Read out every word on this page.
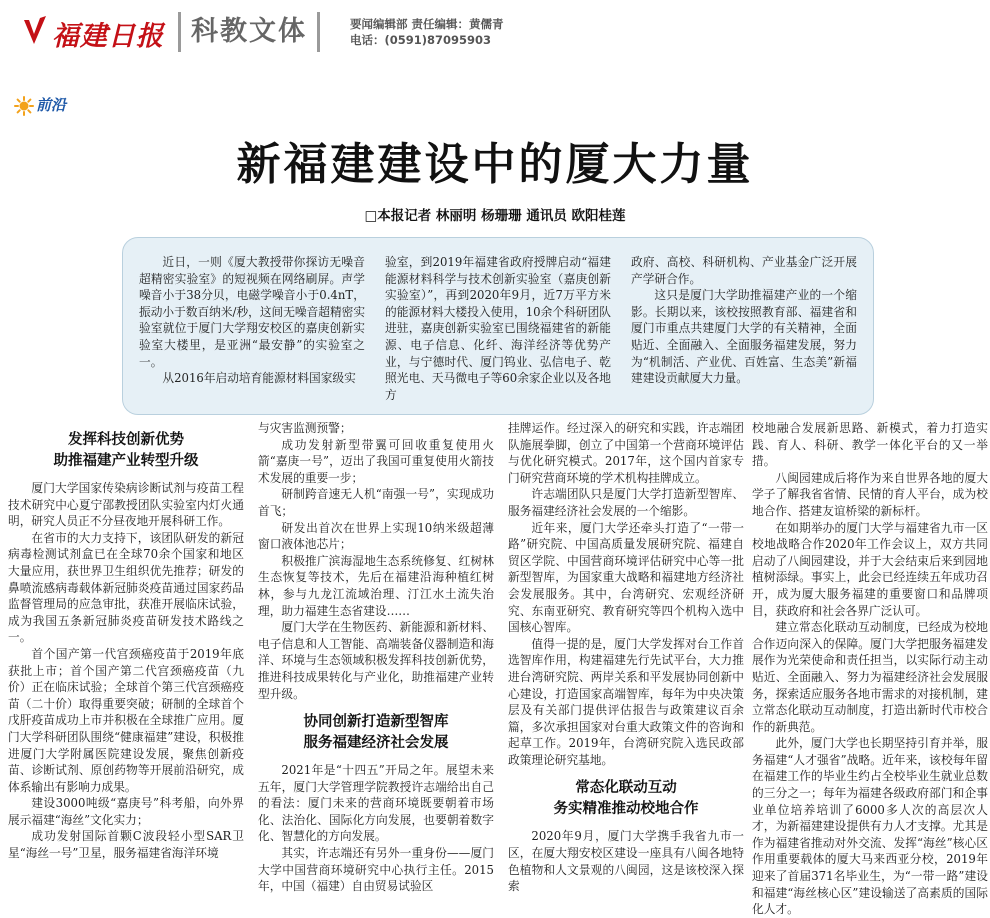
福建日报	科教文体	要闻编辑部 责任编辑：黄儒青
电话：(0591)87095903
前沿
新福建建设中的厦大力量
□本报记者 林丽明 杨珊珊 通讯员 欧阳桂莲

近日，一则《厦大教授带你探访无噪音超精密实验室》的短视频在网络刷屏。声学噪音小于38分贝，电磁学噪音小于0.4nT，振动小于数百纳米/秒，这间无噪音超精密实验室就位于厦门大学翔安校区的嘉庚创新实验室大楼里，是亚洲“最安静”的实验室之一。

从2016年启动培育能源材料国家级实

验室，到2019年福建省政府授牌启动“福建能源材料科学与技术创新实验室（嘉庚创新实验室）”，再到2020年9月，近7万平方米的能源材料大楼投入使用，10余个科研团队进驻，嘉庚创新实验室已围绕福建省的新能源、电子信息、化纤、海洋经济等优势产业，与宁德时代、厦门钨业、弘信电子、乾照光电、天马微电子等60余家企业以及各地方

政府、高校、科研机构、产业基金广泛开展产学研合作。

这只是厦门大学助推福建产业的一个缩影。长期以来，该校按照教育部、福建省和厦门市重点共建厦门大学的有关精神，全面贴近、全面融入、全面服务福建发展，努力为“机制活、产业优、百姓富、生态美”新福建建设贡献厦大力量。

发挥科技创新优势
助推福建产业转型升级

厦门大学国家传染病诊断试剂与疫苗工程技术研究中心夏宁邵教授团队实验室内灯火通明，研究人员正不分昼夜地开展科研工作。

在省市的大力支持下，该团队研发的新冠病毒检测试剂盒已在全球70余个国家和地区大量应用，获世界卫生组织优先推荐；研发的鼻喷流感病毒载体新冠肺炎疫苗通过国家药品监督管理局的应急审批，获准开展临床试验，成为我国五条新冠肺炎疫苗研发技术路线之一。

首个国产第一代宫颈癌疫苗于2019年底获批上市；首个国产第二代宫颈癌疫苗（九价）正在临床试验；全球首个第三代宫颈癌疫苗（二十价）取得重要突破；研制的全球首个戊肝疫苗成功上市并积极在全球推广应用。厦门大学科研团队围绕“健康福建”建设，积极推进厦门大学附属医院建设发展，聚焦创新疫苗、诊断试剂、原创药物等开展前沿研究，成体系输出有影响力成果。

建设3000吨级“嘉庚号”科考船，向外界展示福建“海丝”文化实力；

成功发射国际首颗C波段轻小型SAR卫星“海丝一号”卫星，服务福建省海洋环境

与灾害监测预警；

成功发射新型带翼可回收重复使用火箭“嘉庚一号”，迈出了我国可重复使用火箭技术发展的重要一步；

研制跨音速无人机“南强一号”，实现成功首飞；

研发出首次在世界上实现10纳米级超薄窗口液体池芯片；

积极推广滨海湿地生态系统修复、红树林生态恢复等技术，先后在福建沿海种植红树林，参与九龙江流域治理、汀江水土流失治理，助力福建生态省建设……

厦门大学在生物医药、新能源和新材料、电子信息和人工智能、高端装备仪器制造和海洋、环境与生态领域积极发挥科技创新优势，推进科技成果转化与产业化，助推福建产业转型升级。

协同创新打造新型智库
服务福建经济社会发展

2021年是“十四五”开局之年。展望未来五年，厦门大学管理学院教授许志端给出自己的看法：厦门未来的营商环境既要朝着市场化、法治化、国际化方向发展，也要朝着数字化、智慧化的方向发展。

其实，许志端还有另外一重身份——厦门大学中国营商环境研究中心执行主任。2015年，中国（福建）自由贸易试验区

挂牌运作。经过深入的研究和实践，许志端团队施展拳脚，创立了中国第一个营商环境评估与优化研究模式。2017年，这个国内首家专门研究营商环境的学术机构挂牌成立。

许志端团队只是厦门大学打造新型智库、服务福建经济社会发展的一个缩影。

近年来，厦门大学还牵头打造了“一带一路”研究院、中国高质量发展研究院、福建自贸区学院、中国营商环境评估研究中心等一批新型智库，为国家重大战略和福建地方经济社会发展服务。其中，台湾研究、宏观经济研究、东南亚研究、教育研究等四个机构入选中国核心智库。

值得一提的是，厦门大学发挥对台工作首选智库作用，构建福建先行先试平台，大力推进台湾研究院、两岸关系和平发展协同创新中心建设，打造国家高端智库，每年为中央决策层及有关部门提供评估报告与政策建议百余篇，多次承担国家对台重大政策文件的咨询和起草工作。2019年，台湾研究院入选民政部政策理论研究基地。

常态化联动互动
务实精准推动校地合作

2020年9月，厦门大学携手我省九市一区，在厦大翔安校区建设一座具有八闽各地特色植物和人文景观的八闽园，这是该校深入探索

校地融合发展新思路、新模式，着力打造实践、育人、科研、教学一体化平台的又一举措。

八闽园建成后将作为来自世界各地的厦大学子了解我省省情、民情的育人平台，成为校地合作、搭建友谊桥梁的新标杆。

在如期举办的厦门大学与福建省九市一区校地战略合作2020年工作会议上，双方共同启动了八闽园建设，并于大会结束后来到园地植树添绿。事实上，此会已经连续五年成功召开，成为厦大服务福建的重要窗口和品牌项目，获政府和社会各界广泛认可。

建立常态化联动互动制度，已经成为校地合作迈向深入的保障。厦门大学把服务福建发展作为光荣使命和责任担当，以实际行动主动贴近、全面融入、努力为福建经济社会发展服务，探索适应服务各地市需求的对接机制，建立常态化联动互动制度，打造出新时代市校合作的新典范。

此外，厦门大学也长期坚持引育并举，服务福建“人才强省”战略。近年来，该校每年留在福建工作的毕业生约占全校毕业生就业总数的三分之一；每年为福建各级政府部门和企事业单位培养培训了6000多人次的高层次人才，为新福建建设提供有力人才支撑。尤其是作为福建省推动对外交流、发挥“海丝”核心区作用重要载体的厦大马来西亚分校，2019年迎来了首届371名毕业生，为“一带一路”建设和福建“海丝核心区”建设输送了高素质的国际化人才。
